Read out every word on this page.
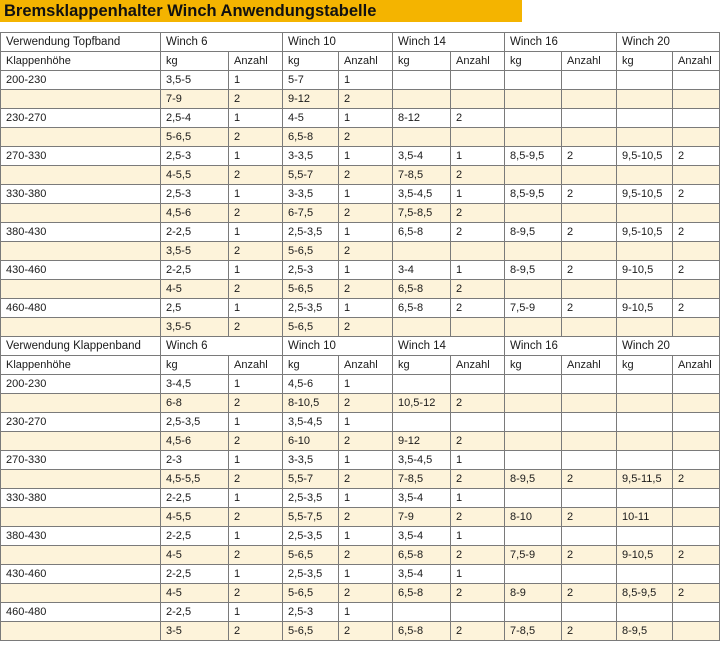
Bremsklappenhalter Winch Anwendungstabelle
Verwendung Topfband	Winch 6		Winch 10		Winch 14		Winch 16		Winch 20	
Klappenhöhe	kg	Anzahl	kg	Anzahl	kg	Anzahl	kg	Anzahl	kg	Anzahl
200-230	3,5-5	1	5-7	1						
	7-9	2	9-12	2						
230-270	2,5-4	1	4-5	1	8-12	2				
	5-6,5	2	6,5-8	2						
270-330	2,5-3	1	3-3,5	1	3,5-4	1	8,5-9,5	2	9,5-10,5	2
	4-5,5	2	5,5-7	2	7-8,5	2				
330-380	2,5-3	1	3-3,5	1	3,5-4,5	1	8,5-9,5	2	9,5-10,5	2
	4,5-6	2	6-7,5	2	7,5-8,5	2				
380-430	2-2,5	1	2,5-3,5	1	6,5-8	2	8-9,5	2	9,5-10,5	2
	3,5-5	2	5-6,5	2						
430-460	2-2,5	1	2,5-3	1	3-4	1	8-9,5	2	9-10,5	2
	4-5	2	5-6,5	2	6,5-8	2				
460-480	2,5	1	2,5-3,5	1	6,5-8	2	7,5-9	2	9-10,5	2
	3,5-5	2	5-6,5	2						
Verwendung Klappenband	Winch 6		Winch 10		Winch 14		Winch 16		Winch 20	
Klappenhöhe	kg	Anzahl	kg	Anzahl	kg	Anzahl	kg	Anzahl	kg	Anzahl
200-230	3-4,5	1	4,5-6	1						
	6-8	2	8-10,5	2	10,5-12	2				
230-270	2,5-3,5	1	3,5-4,5	1						
	4,5-6	2	6-10	2	9-12	2				
270-330	2-3	1	3-3,5	1	3,5-4,5	1				
	4,5-5,5	2	5,5-7	2	7-8,5	2	8-9,5	2	9,5-11,5	2
330-380	2-2,5	1	2,5-3,5	1	3,5-4	1				
	4-5,5	2	5,5-7,5	2	7-9	2	8-10	2	10-11	
380-430	2-2,5	1	2,5-3,5	1	3,5-4	1				
	4-5	2	5-6,5	2	6,5-8	2	7,5-9	2	9-10,5	2
430-460	2-2,5	1	2,5-3,5	1	3,5-4	1				
	4-5	2	5-6,5	2	6,5-8	2	8-9	2	8,5-9,5	2
460-480	2-2,5	1	2,5-3	1						
	3-5	2	5-6,5	2	6,5-8	2	7-8,5	2	8-9,5	
